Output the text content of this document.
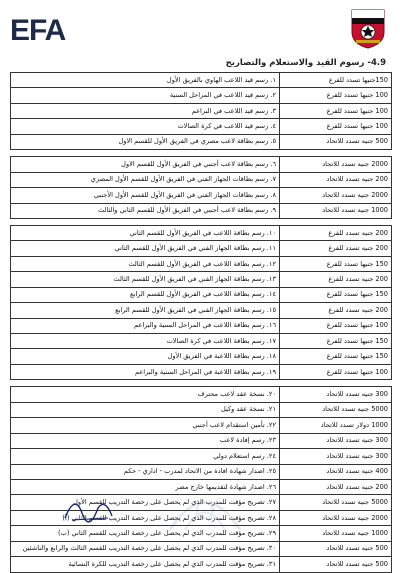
EFA
4.9- رسوم القيد والاستعلام والتصاريح
١. رسم قيد اللاعب الهاوي بالفريق الأول	150جنيها تسدد للفرع
٢. رسم قيد اللاعب في المراحل السنية	100 جنيها تسدد للفرع
٣. رسم قيد اللاعب في البراعم	100 جنيها تسدد للفرع
٤. رسم قيد اللاعب في كرة الصالات	100 جنيها تسدد للفرع
٥. رسم بطاقة لاعب مصري في الفريق الأول للقسم الاول	500 جنيه تسدد للاتحاد

٦. رسم بطاقة لاعب أجنبي في الفريق الأول للقسم الاول	2000 جنيه تسدد للاتحاد
٧. رسم بطاقات الجهاز الفني في الفريق الأول للقسم الأول المصري	200 جنيه تسدد للاتحاد
٨. رسم بطاقات الجهاز الفني في الفريق الأول للقسم الأول الأجنبي	2000 جنيه تسدد للاتحاد
٩. رسم بطاقة لاعب أجنبي في الفريق الأول للقسم الثاني والثالث	1000 جنيه تسدد للاتحاد

١٠. رسم بطاقة اللاعب في الفريق الأول للقسم الثاني	200 جنيه تسدد للفرع
١١. رسم بطاقة الجهاز الفني في الفريق الأول للقسم الثاني	200 جنيه تسدد للفرع
١٢. رسم بطاقة اللاعب في الفريق الأول للقسم الثالث	150 جنيها تسدد للفرع
١٣. رسم بطاقة الجهاز الفني في الفريق الأول للقسم الثالث	200 جنيه تسدد للفرع
١٤. رسم بطاقة اللاعب في الفريق الأول للقسم الرابع	150 جنيها تسدد للفرع
١٥. رسم بطاقة الجهاز الفني في الفريق الأول للقسم الرابع	200 جنيه تسدد للفرع
١٦. رسم بطاقة اللاعب في المراحل السنية والبراعم	100 جنيها تسدد للفرع
١٧. رسم بطاقة اللاعب في كرة الصالات	150 جنيها تسدد للفرع
١٨. رسم بطاقة اللاعبة في الفريق الأول	150 جنيها تسدد للفرع
١٩. رسم بطاقة اللاعبة في المراحل السنية والبراعم	100 جنيها تسدد للفرع

٢٠. نسخة عقد لاعب محترف	300 جنيه تسدد للاتحاد
٢١. نسخة عقد وكيل	5000 جنيه تسدد للاتحاد
٢٢. تأمين استقدام لاعب أجنبي	1000 دولار تسدد للاتحاد
٢٣. رسم إفادة لاعب	300 جنيه تسدد للاتحاد
٢٤. رسم استعلام دولي	300 جنيه تسدد للاتحاد
٢٥. اصدار شهادة افادة من الاتحاد لمدرب - اداري - حكم	400 جنيه تسدد للاتحاد
٢٦. اصدار شهادة لتقديمها خارج مصر	200 جنيه تسدد للاتحاد
٢٧. تصريح مؤقت للمدرب الذي لم يحصل على رخصة التدريب للقسم الأول	5000 جنيه تسدد للاتحاد
٢٨. تصريح مؤقت للمدرب الذي لم يحصل على رخصة التدريب للقسم الثاني (أ)	2000 جنيه تسدد للاتحاد
٢٩. تصريح مؤقت للمدرب الذي لم يحصل على رخصة التدريب للقسم الثاني (ب)	1000 جنيه تسدد للاتحاد
٣٠. تصريح مؤقت للمدرب الذي لم يحصل على رخصة التدريب للقسم الثالث والرابع والناشئين	500 جنيه تسدد للاتحاد
٣١. تصريح مؤقت للمدرب الذي لم يحصل على رخصة التدريب للكرة النسائية	500 جنيه تسدد للاتحاد
